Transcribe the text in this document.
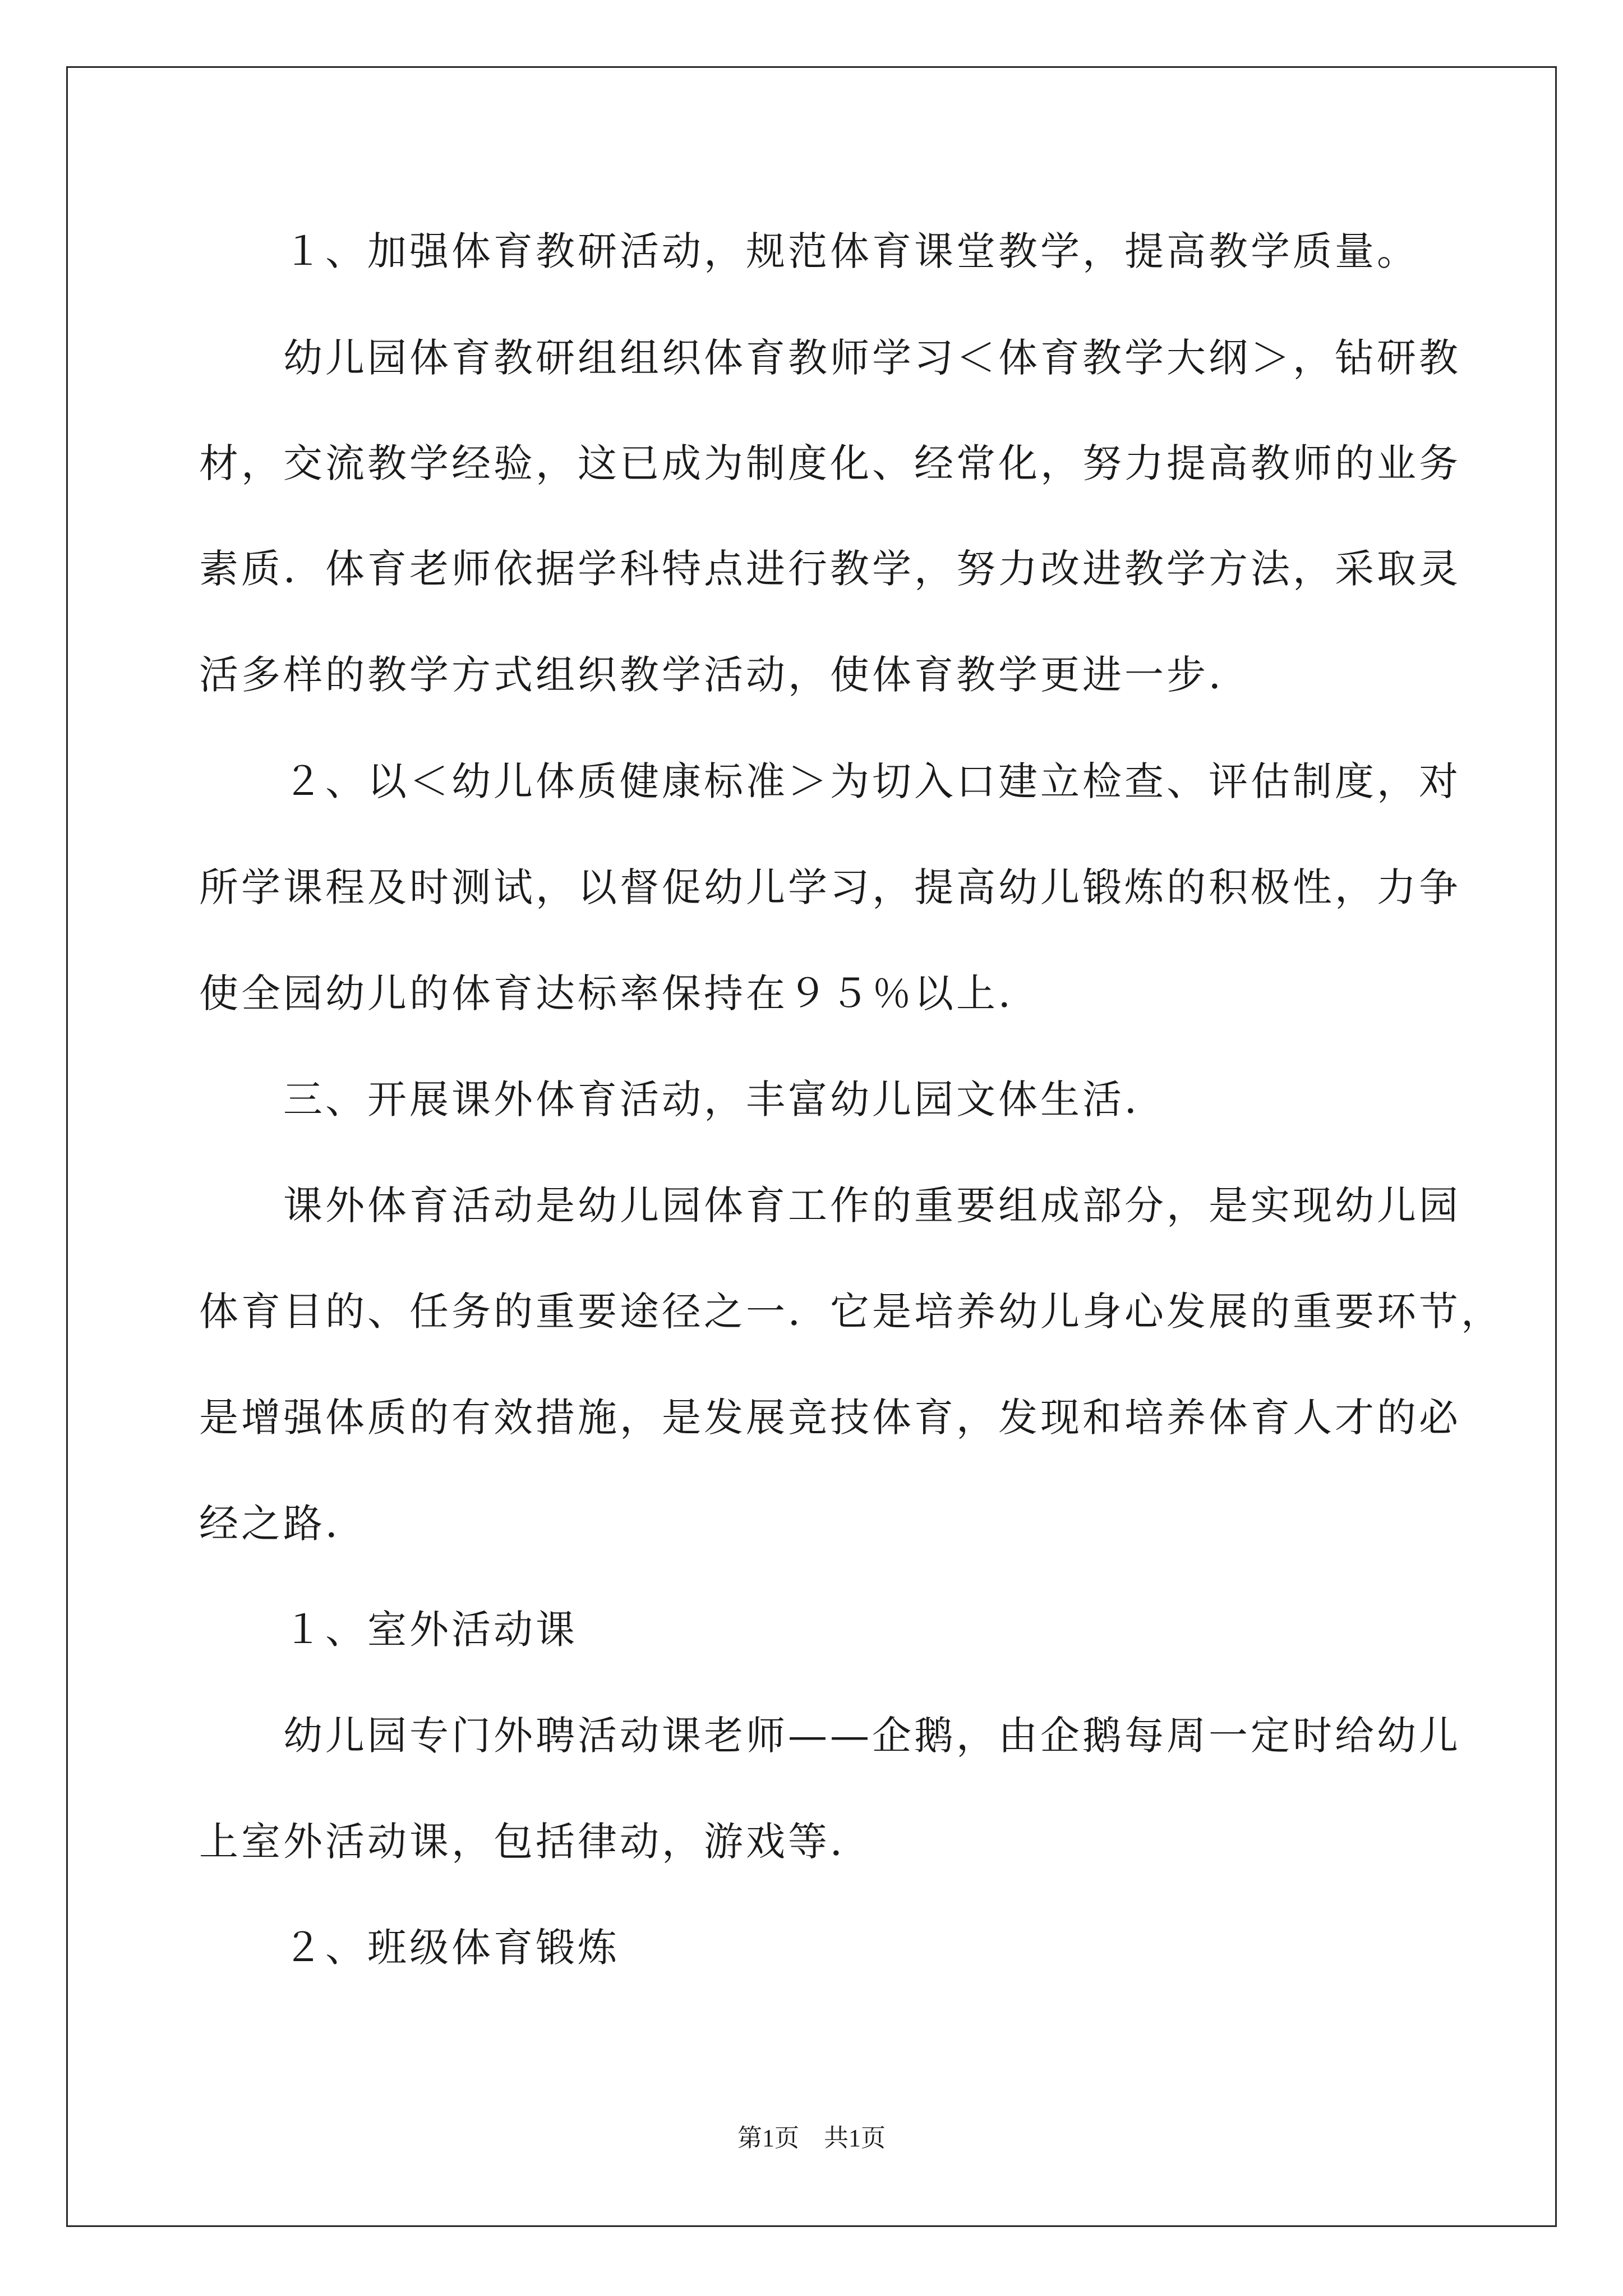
１、加强体育教研活动，规范体育课堂教学，提高教学质量。
幼儿园体育教研组组织体育教师学习＜体育教学大纲＞，钻研教
材，交流教学经验，这已成为制度化、经常化，努力提高教师的业务
素质．体育老师依据学科特点进行教学，努力改进教学方法，采取灵
活多样的教学方式组织教学活动，使体育教学更进一步．
２、以＜幼儿体质健康标准＞为切入口建立检查、评估制度，对
所学课程及时测试，以督促幼儿学习，提高幼儿锻炼的积极性，力争
使全园幼儿的体育达标率保持在９５％以上．
三、开展课外体育活动，丰富幼儿园文体生活．
课外体育活动是幼儿园体育工作的重要组成部分，是实现幼儿园
体育目的、任务的重要途径之一．它是培养幼儿身心发展的重要环节，
是增强体质的有效措施，是发展竞技体育，发现和培养体育人才的必
经之路．
１、室外活动课
幼儿园专门外聘活动课老师——企鹅，由企鹅每周一定时给幼儿
上室外活动课，包括律动，游戏等．
２、班级体育锻炼
第1页　共1页
